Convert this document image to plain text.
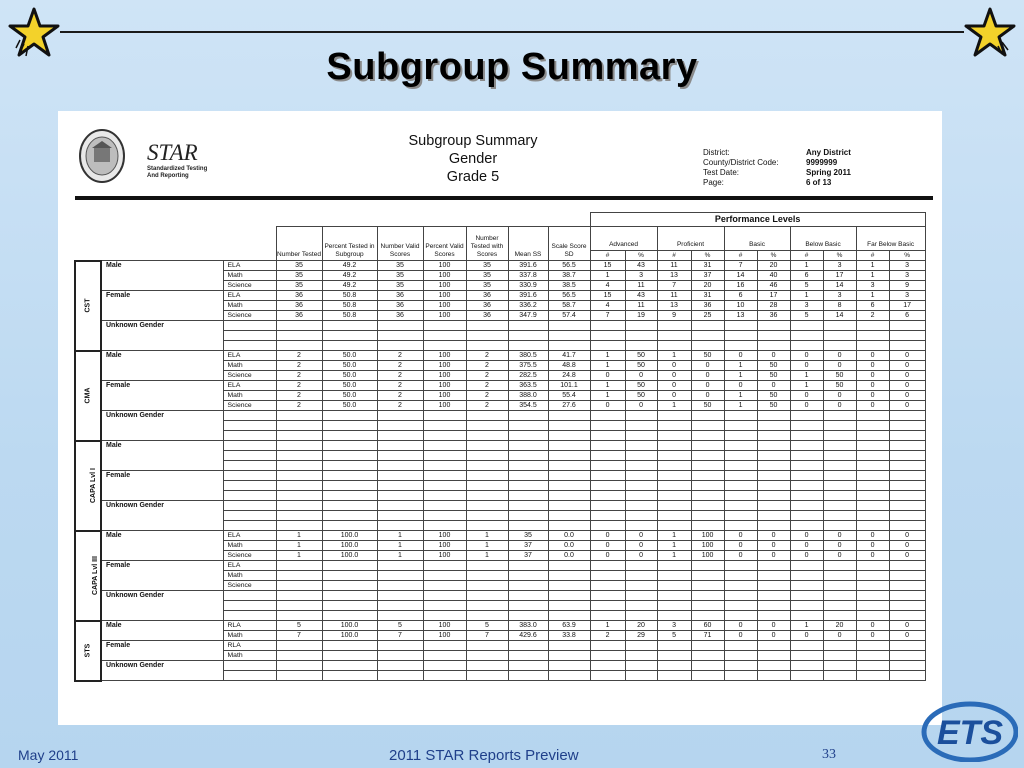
Subgroup Summary
STAR
Standardized Testing
And Reporting
Subgroup Summary
Gender
Grade 5
District:	Any District
County/District Code:	9999999
Test Date:	Spring 2011
Page:	6 of 13
										Performance Levels									
			Number Tested	Percent Tested in Subgroup	Number Valid Scores	Percent Valid Scores	Number Tested with Scores	Mean SS	Scale Score SD	Advanced		Proficient		Basic		Below Basic		Far Below Basic	
										#	%	#	%	#	%	#	%	#	%
CST	Male	ELA	35	49.2	35	100	35	391.6	56.5	15	43	11	31	7	20	1	3	1	3
		Math	35	49.2	35	100	35	337.8	38.7	1	3	13	37	14	40	6	17	1	3
		Science	35	49.2	35	100	35	330.9	38.5	4	11	7	20	16	46	5	14	3	9
	Female	ELA	36	50.8	36	100	36	391.6	56.5	15	43	11	31	6	17	1	3	1	3
		Math	36	50.8	36	100	36	336.2	58.7	4	11	13	36	10	28	3	8	6	17
		Science	36	50.8	36	100	36	347.9	57.4	7	19	9	25	13	36	5	14	2	6
	Unknown Gender																		

CMA	Male	ELA	2	50.0	2	100	2	380.5	41.7	1	50	1	50	0	0	0	0	0	0
		Math	2	50.0	2	100	2	375.5	48.8	1	50	0	0	1	50	0	0	0	0
		Science	2	50.0	2	100	2	282.5	24.8	0	0	0	0	1	50	1	50	0	0
	Female	ELA	2	50.0	2	100	2	363.5	101.1	1	50	0	0	0	0	1	50	0	0
		Math	2	50.0	2	100	2	388.0	55.4	1	50	0	0	1	50	0	0	0	0
		Science	2	50.0	2	100	2	354.5	27.6	0	0	1	50	1	50	0	0	0	0
	Unknown Gender																		

CAPA Lvl I	Male																		

	Female																		

	Unknown Gender																		

CAPA Lvl III	Male	ELA	1	100.0	1	100	1	35	0.0	0	0	1	100	0	0	0	0	0	0
		Math	1	100.0	1	100	1	37	0.0	0	0	1	100	0	0	0	0	0	0
		Science	1	100.0	1	100	1	37	0.0	0	0	1	100	0	0	0	0	0	0
	Female	ELA																	
		Math																	
		Science																	
	Unknown Gender																		

STS	Male	RLA	5	100.0	5	100	5	383.0	63.9	1	20	3	60	0	0	1	20	0	0
		Math	7	100.0	7	100	7	429.6	33.8	2	29	5	71	0	0	0	0	0	0
	Female	RLA																	
		Math																	
	Unknown Gender																		

May 2011	2011 STAR Reports Preview	33
ETS
